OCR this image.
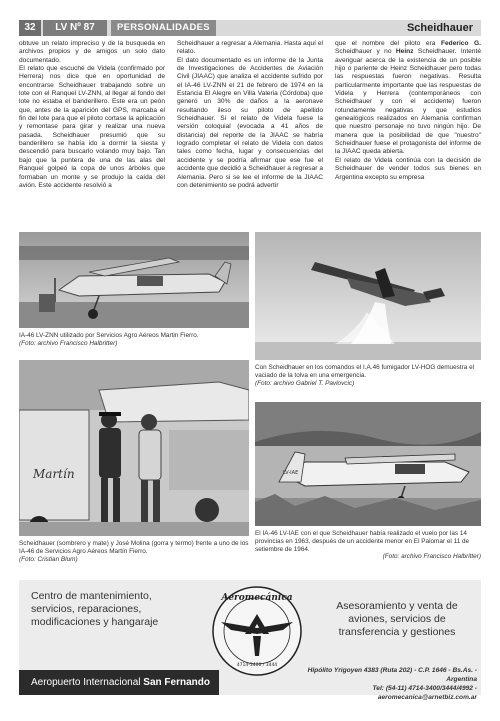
32	LV Nº 87	PERSONALIDADES	Scheidhauer

obtuve un relato impreciso y de la busqueda en archivos propios y de amigos un solo dato documentado.

El relato que escuché de Videla (confirmado por Herrera) nos dice que en oportunidad de encontrarse Scheidhauer trabajando sobre un lote con el Ranquel LV-ZNN, al llegar al fondo del lote no estaba el banderillero. Este era un peón que, antes de la aparición del GPS, marcaba el fin del lote para que el piloto cortase la aplicación y remontase para girar y realizar una nueva pasada. Scheidhauer presumió que su banderillero se había ido a dormir la siesta y descendió para buscarlo volando muy bajo. Tan bajo que la puntera de una de las alas del Ranquel golpeó la copa de unos árboles que formaban un monte y se produjo la caída del avión. Este accidente resolvió a

Scheidhauer a regresar a Alemania. Hasta aquí el relato.

El dato documentado es un informe de la Junta de Investigaciones de Accidentes de Aviación Civil (JIAAC) que analiza el accidente sufrido por el IA-46 LV-ZNN el 21 de febrero de 1974 en la Estancia El Alegre en Villa Valeria (Córdoba) que generó un 30% de daños a la aeronave resultando ileso su piloto de apellido Scheidhauer. Si el relato de Videla fuese la versión coloquial (evocada a 41 años de distancia) del reporte de la JIAAC se habría logrado completar el relato de Videla con datos tales como fecha, lugar y consecuencias del accidente y se podría afirmar que ese fue el accidente que decidió a Scheidhauer a regresar a Alemania. Pero si se lee el informe de la JIAAC con detenimiento se podrá advertir

que el nombre del piloto era Federico G. Scheidhauer y no Heinz Scheidhauer. Intenté averiguar acerca de la existencia de un posible hijo o pariente de Heinz Scheidhauer pero todas las respuestas fueron negativas. Resulta particularmente importante que las respuestas de Videla y Herrera (contemporáneos con Scheidhauer y con el accidente) fueron rotundamente negativas y que estudios genealógicos realizados en Alemania confirman que nuestro personaje no tuvo ningún hijo. De manera que la posibilidad de que "nuestro" Scheidhauer fuese el protagonista del informe de la JIAAC queda abierta.

El relato de Videla continúa con la decisión de Scheidhauer de vender todos sus bienes en Argentina excepto su empresa

IA-46 LV-ZNN utilizado por Servicios Agro Aéreos Martin Fierro.
(Foto: archivo Francisco Halbritter)
Con Scheidhauer en los comandos el I.A.46 fumigador LV-HOG demuestra el vaciado de la tolva en una emergencia.
(Foto: archivo Gabriel T. Pavlovcic)
Martín
Scheidhauer (sombrero y mate) y José Molina (gorra y termo) frente a uno de los IA-46 de Servicios Agro Aéreos Martín Fierro.
(Foto: Cristian Blum)
LV-IAE
El IA-46 LV-IAE con el que Scheidhauer había realizado el vuelo por las 14 provincias en 1963, después de un accidente menor en El Palomar el 11 de setiembre de 1964.
(Foto: archivo Francisco Halbritter)
Centro de mantenimiento,
servicios, reparaciones,
modificaciones y hangaraje
Aeromecánica
4714-3400 / 3444
Asesoramiento y venta de aviones, servicios de transferencia y gestiones
Aeropuerto Internacional San Fernando
Hipólito Yrigoyen 4383 (Ruta 202) - C.P. 1646 - Bs.As. - Argentina
Tel: (54-11) 4714-3400/3444/4992 - aeromecanica@arnetbiz.com.ar
